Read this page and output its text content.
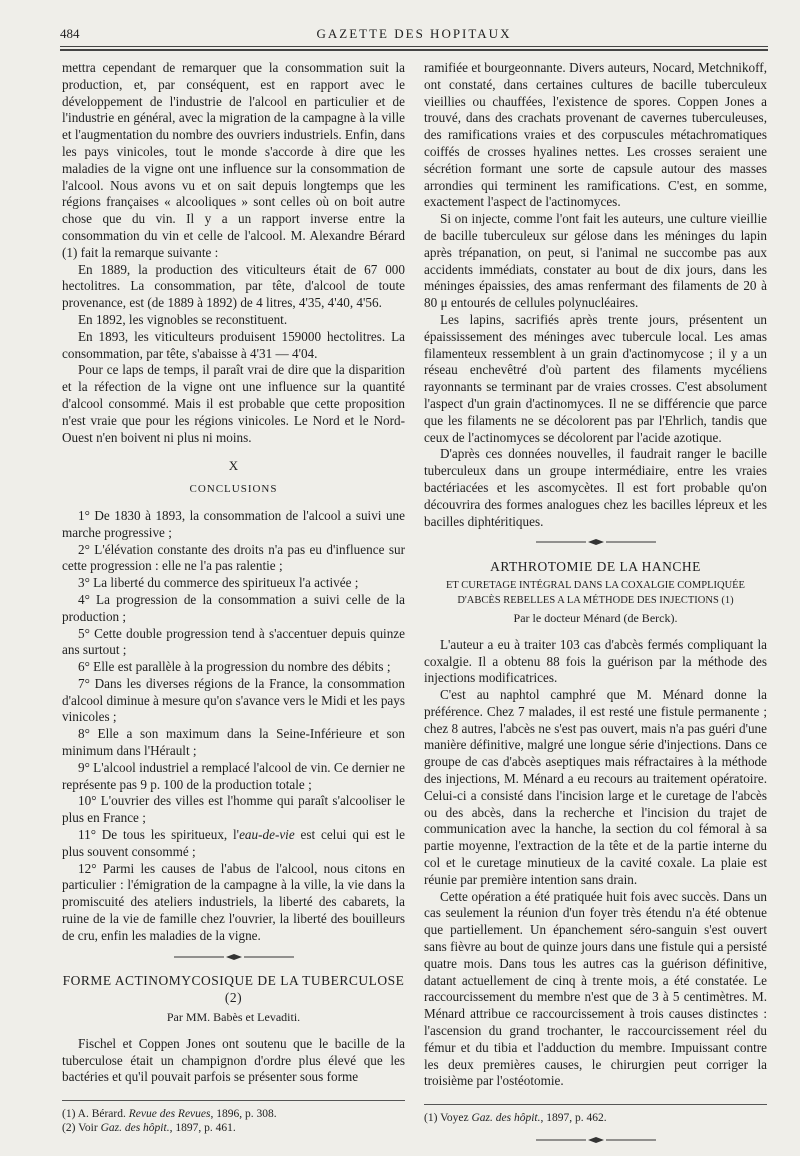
484	GAZETTE DES HOPITAUX

mettra cependant de remarquer que la consommation suit la production, et, par conséquent, est en rapport avec le développement de l'industrie de l'alcool en particulier et de l'industrie en général, avec la migration de la campagne à la ville et l'augmentation du nombre des ouvriers industriels. Enfin, dans les pays vinicoles, tout le monde s'accorde à dire que les maladies de la vigne ont une influence sur la consommation de l'alcool. Nous avons vu et on sait depuis longtemps que les régions françaises « alcooliques » sont celles où on boit autre chose que du vin. Il y a un rapport inverse entre la consommation du vin et celle de l'alcool. M. Alexandre Bérard (1) fait la remarque suivante :

En 1889, la production des viticulteurs était de 67 000 hectolitres. La consommation, par tête, d'alcool de toute provenance, est (de 1889 à 1892) de 4 litres, 4'35, 4'40, 4'56.

En 1892, les vignobles se reconstituent.

En 1893, les viticulteurs produisent 159000 hectolitres. La consommation, par tête, s'abaisse à 4'31 — 4'04.

Pour ce laps de temps, il paraît vrai de dire que la disparition et la réfection de la vigne ont une influence sur la quantité d'alcool consommé. Mais il est probable que cette proposition n'est vraie que pour les régions vinicoles. Le Nord et le Nord-Ouest n'en boivent ni plus ni moins.

X
CONCLUSIONS

1° De 1830 à 1893, la consommation de l'alcool a suivi une marche progressive ;

2° L'élévation constante des droits n'a pas eu d'influence sur cette progression : elle ne l'a pas ralentie ;

3° La liberté du commerce des spiritueux l'a activée ;

4° La progression de la consommation a suivi celle de la production ;

5° Cette double progression tend à s'accentuer depuis quinze ans surtout ;

6° Elle est parallèle à la progression du nombre des débits ;

7° Dans les diverses régions de la France, la consommation d'alcool diminue à mesure qu'on s'avance vers le Midi et les pays vinicoles ;

8° Elle a son maximum dans la Seine-Inférieure et son minimum dans l'Hérault ;

9° L'alcool industriel a remplacé l'alcool de vin. Ce dernier ne représente pas 9 p. 100 de la production totale ;

10° L'ouvrier des villes est l'homme qui paraît s'alcooliser le plus en France ;

11° De tous les spiritueux, l'eau-de-vie est celui qui est le plus souvent consommé ;

12° Parmi les causes de l'abus de l'alcool, nous citons en particulier : l'émigration de la campagne à la ville, la vie dans la promiscuité des ateliers industriels, la liberté des cabarets, la ruine de la vie de famille chez l'ouvrier, la liberté des bouilleurs de cru, enfin les maladies de la vigne.

FORME ACTINOMYCOSIQUE DE LA TUBERCULOSE (2)
Par MM. Babès et Levaditi.

Fischel et Coppen Jones ont soutenu que le bacille de la tuberculose était un champignon d'ordre plus élevé que les bactéries et qu'il pouvait parfois se présenter sous forme

(1) A. Bérard. Revue des Revues, 1896, p. 308.

(2) Voir Gaz. des hôpit., 1897, p. 461.

ramifiée et bourgeonnante. Divers auteurs, Nocard, Metchnikoff, ont constaté, dans certaines cultures de bacille tuberculeux vieillies ou chauffées, l'existence de spores. Coppen Jones a trouvé, dans des crachats provenant de cavernes tuberculeuses, des ramifications vraies et des corpuscules métachromatiques coiffés de crosses hyalines nettes. Les crosses seraient une sécrétion formant une sorte de capsule autour des masses arrondies qui terminent les ramifications. C'est, en somme, exactement l'aspect de l'actinomyces.

Si on injecte, comme l'ont fait les auteurs, une culture vieillie de bacille tuberculeux sur gélose dans les méninges du lapin après trépanation, on peut, si l'animal ne succombe pas aux accidents immédiats, constater au bout de dix jours, dans les méninges épaissies, des amas renfermant des filaments de 20 à 80 μ entourés de cellules polynucléaires.

Les lapins, sacrifiés après trente jours, présentent un épaississement des méninges avec tubercule local. Les amas filamenteux ressemblent à un grain d'actinomycose ; il y a un réseau enchevêtré d'où partent des filaments mycéliens rayonnants se terminant par de vraies crosses. C'est absolument l'aspect d'un grain d'actinomyces. Il ne se différencie que parce que les filaments ne se décolorent pas par l'Ehrlich, tandis que ceux de l'actinomyces se décolorent par l'acide azotique.

D'après ces données nouvelles, il faudrait ranger le bacille tuberculeux dans un groupe intermédiaire, entre les vraies bactériacées et les ascomycètes. Il est fort probable qu'on découvrira des formes analogues chez les bacilles lépreux et les bacilles diphtéritiques.

ARTHROTOMIE DE LA HANCHE
ET CURETAGE INTÉGRAL DANS LA COXALGIE COMPLIQUÉE D'ABCÈS REBELLES A LA MÉTHODE DES INJECTIONS (1)
Par le docteur Ménard (de Berck).

L'auteur a eu à traiter 103 cas d'abcès fermés compliquant la coxalgie. Il a obtenu 88 fois la guérison par la méthode des injections modificatrices.

C'est au naphtol camphré que M. Ménard donne la préférence. Chez 7 malades, il est resté une fistule permanente ; chez 8 autres, l'abcès ne s'est pas ouvert, mais n'a pas guéri d'une manière définitive, malgré une longue série d'injections. Dans ce groupe de cas d'abcès aseptiques mais réfractaires à la méthode des injections, M. Ménard a eu recours au traitement opératoire. Celui-ci a consisté dans l'incision large et le curetage de l'abcès ou des abcès, dans la recherche et l'incision du trajet de communication avec la hanche, la section du col fémoral à sa partie moyenne, l'extraction de la tête et de la partie interne du col et le curetage minutieux de la cavité coxale. La plaie est réunie par première intention sans drain.

Cette opération a été pratiquée huit fois avec succès. Dans un cas seulement la réunion d'un foyer très étendu n'a été obtenue que partiellement. Un épanchement séro-sanguin s'est ouvert sans fièvre au bout de quinze jours dans une fistule qui a persisté quatre mois. Dans tous les autres cas la guérison définitive, datant actuellement de cinq à trente mois, a été constatée. Le raccourcissement du membre n'est que de 3 à 5 centimètres. M. Ménard attribue ce raccourcissement à trois causes distinctes : l'ascension du grand trochanter, le raccourcissement réel du fémur et du tibia et l'adduction du membre. Impuissant contre les deux premières causes, le chirurgien peut corriger la troisième par l'ostéotomie.

(1) Voyez Gaz. des hôpit., 1897, p. 462.
